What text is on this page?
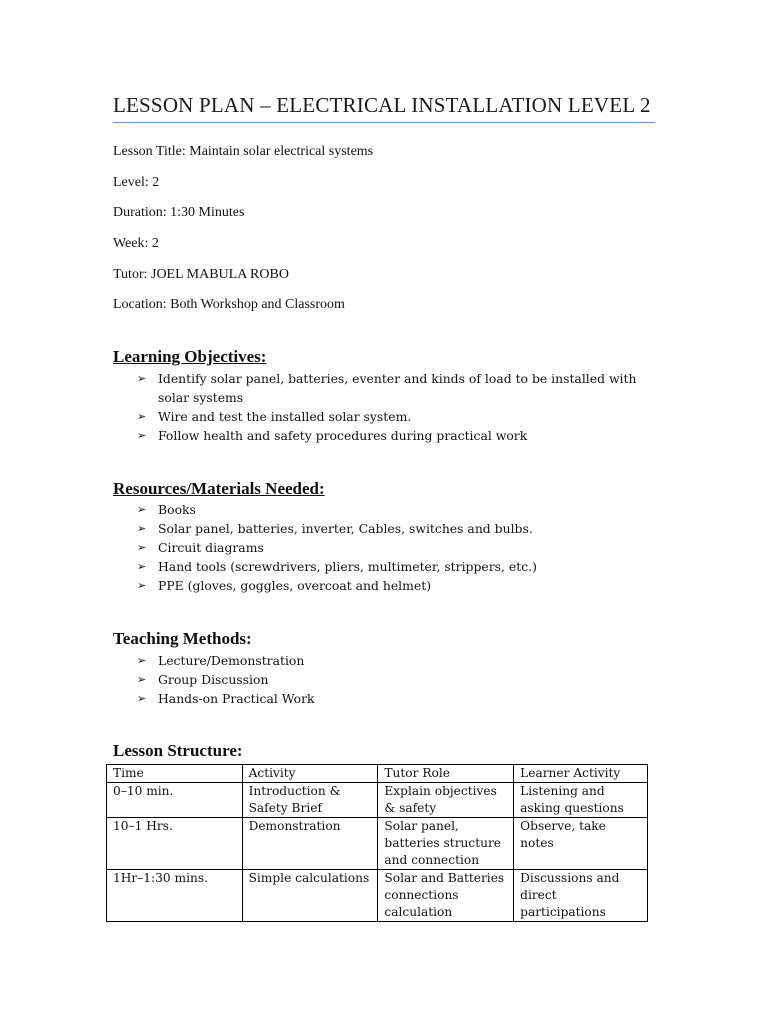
LESSON PLAN – ELECTRICAL INSTALLATION LEVEL 2
Lesson Title: Maintain solar electrical systems
Level: 2
Duration: 1:30 Minutes
Week: 2
Tutor: JOEL MABULA ROBO
Location: Both Workshop and Classroom
Learning Objectives:
➢ Identify solar panel, batteries, eventer and kinds of load to be installed with solar systems
➢ Wire and test the installed solar system.
➢ Follow health and safety procedures during practical work
Resources/Materials Needed:
➢ Books
➢ Solar panel, batteries, inverter, Cables, switches and bulbs.
➢ Circuit diagrams
➢ Hand tools (screwdrivers, pliers, multimeter, strippers, etc.)
➢ PPE (gloves, goggles, overcoat and helmet)
Teaching Methods:
➢ Lecture/Demonstration
➢ Group Discussion
➢ Hands-on Practical Work
Lesson Structure:
Time	Activity	Tutor Role	Learner Activity
0–10 min.	Introduction & Safety Brief	Explain objectives & safety	Listening and asking questions
10–1 Hrs.	Demonstration	Solar panel, batteries structure and connection	Observe, take notes
1Hr–1:30 mins.	Simple calculations	Solar and Batteries connections calculation	Discussions and direct participations
